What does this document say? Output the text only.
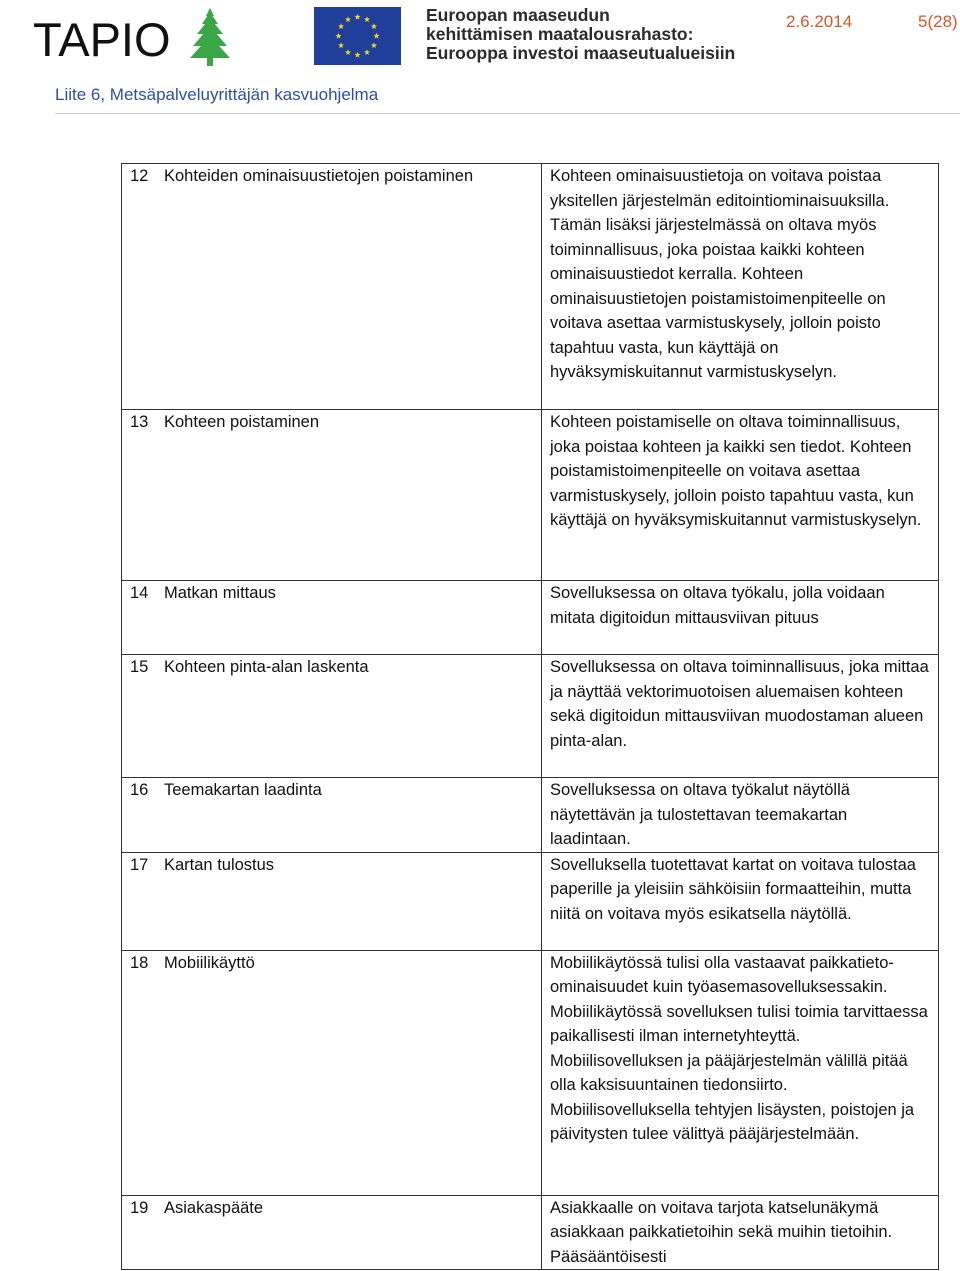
TAPIO	Euroopan maaseudun
kehittämisen maatalousrahasto:
Eurooppa investoi maaseutualueisiin
2.6.2014	5(28)
Liite 6, Metsäpalveluyrittäjän kasvuohjelma
12	Kohteiden ominaisuustietojen poistaminen	Kohteen ominaisuustietoja on voitava poistaa yksitellen järjestelmän editointiominaisuuksilla. Tämän lisäksi järjestelmässä on oltava myös toiminnallisuus, joka poistaa kaikki kohteen ominaisuustiedot kerralla. Kohteen ominaisuustietojen poistamistoimenpiteelle on voitava asettaa varmistuskysely, jolloin poisto tapahtuu vasta, kun käyttäjä on hyväksymiskuitannut varmistuskyselyn.
13	Kohteen poistaminen	Kohteen poistamiselle on oltava toiminnallisuus, joka poistaa kohteen ja kaikki sen tiedot. Kohteen poistamistoimenpiteelle on voitava asettaa varmistuskysely, jolloin poisto tapahtuu vasta, kun käyttäjä on hyväksymiskuitannut varmistuskyselyn.
14	Matkan mittaus	Sovelluksessa on oltava työkalu, jolla voidaan mitata digitoidun mittausviivan pituus
15	Kohteen pinta-alan laskenta	Sovelluksessa on oltava toiminnallisuus, joka mittaa ja näyttää vektorimuotoisen aluemaisen kohteen sekä digitoidun mittausviivan muodostaman alueen pinta-alan.
16	Teemakartan laadinta	Sovelluksessa on oltava työkalut näytöllä näytettävän ja tulostettavan teemakartan laadintaan.
17	Kartan tulostus	Sovelluksella tuotettavat kartat on voitava tulostaa paperille ja yleisiin sähköisiin formaatteihin, mutta niitä on voitava myös esikatsella näytöllä.
18	Mobiilikäyttö	Mobiilikäytössä tulisi olla vastaavat paikkatieto-ominaisuudet kuin työasemasovelluksessakin. Mobiilikäytössä sovelluksen tulisi toimia tarvittaessa paikallisesti ilman internetyhteyttä. Mobiilisovelluksen ja pääjärjestelmän välillä pitää olla kaksisuuntainen tiedonsiirto. Mobiilisovelluksella tehtyjen lisäysten, poistojen ja päivitysten tulee välittyä pääjärjestelmään.
19	Asiakaspääte	Asiakkaalle on voitava tarjota katselunäkymä asiakkaan paikkatietoihin sekä muihin tietoihin. Pääsääntöisesti
